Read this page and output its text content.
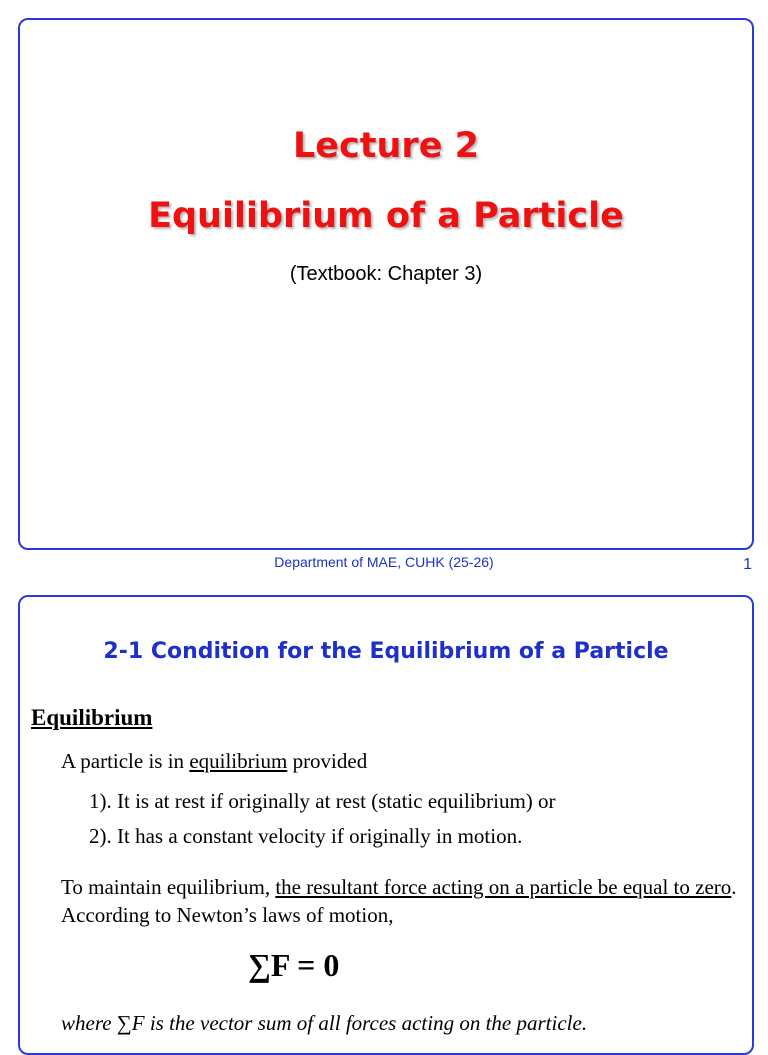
Lecture 2
Equilibrium of a Particle
(Textbook: Chapter 3)
Department of MAE, CUHK (25-26)	1
2-1 Condition for the Equilibrium of a Particle
Equilibrium
A particle is in equilibrium provided
1). It is at rest if originally at rest (static equilibrium) or
2). It has a constant velocity if originally in motion.
To maintain equilibrium, the resultant force acting on a particle be equal to zero. According to Newton’s laws of motion,
∑F = 0
where ∑F is the vector sum of all forces acting on the particle.
